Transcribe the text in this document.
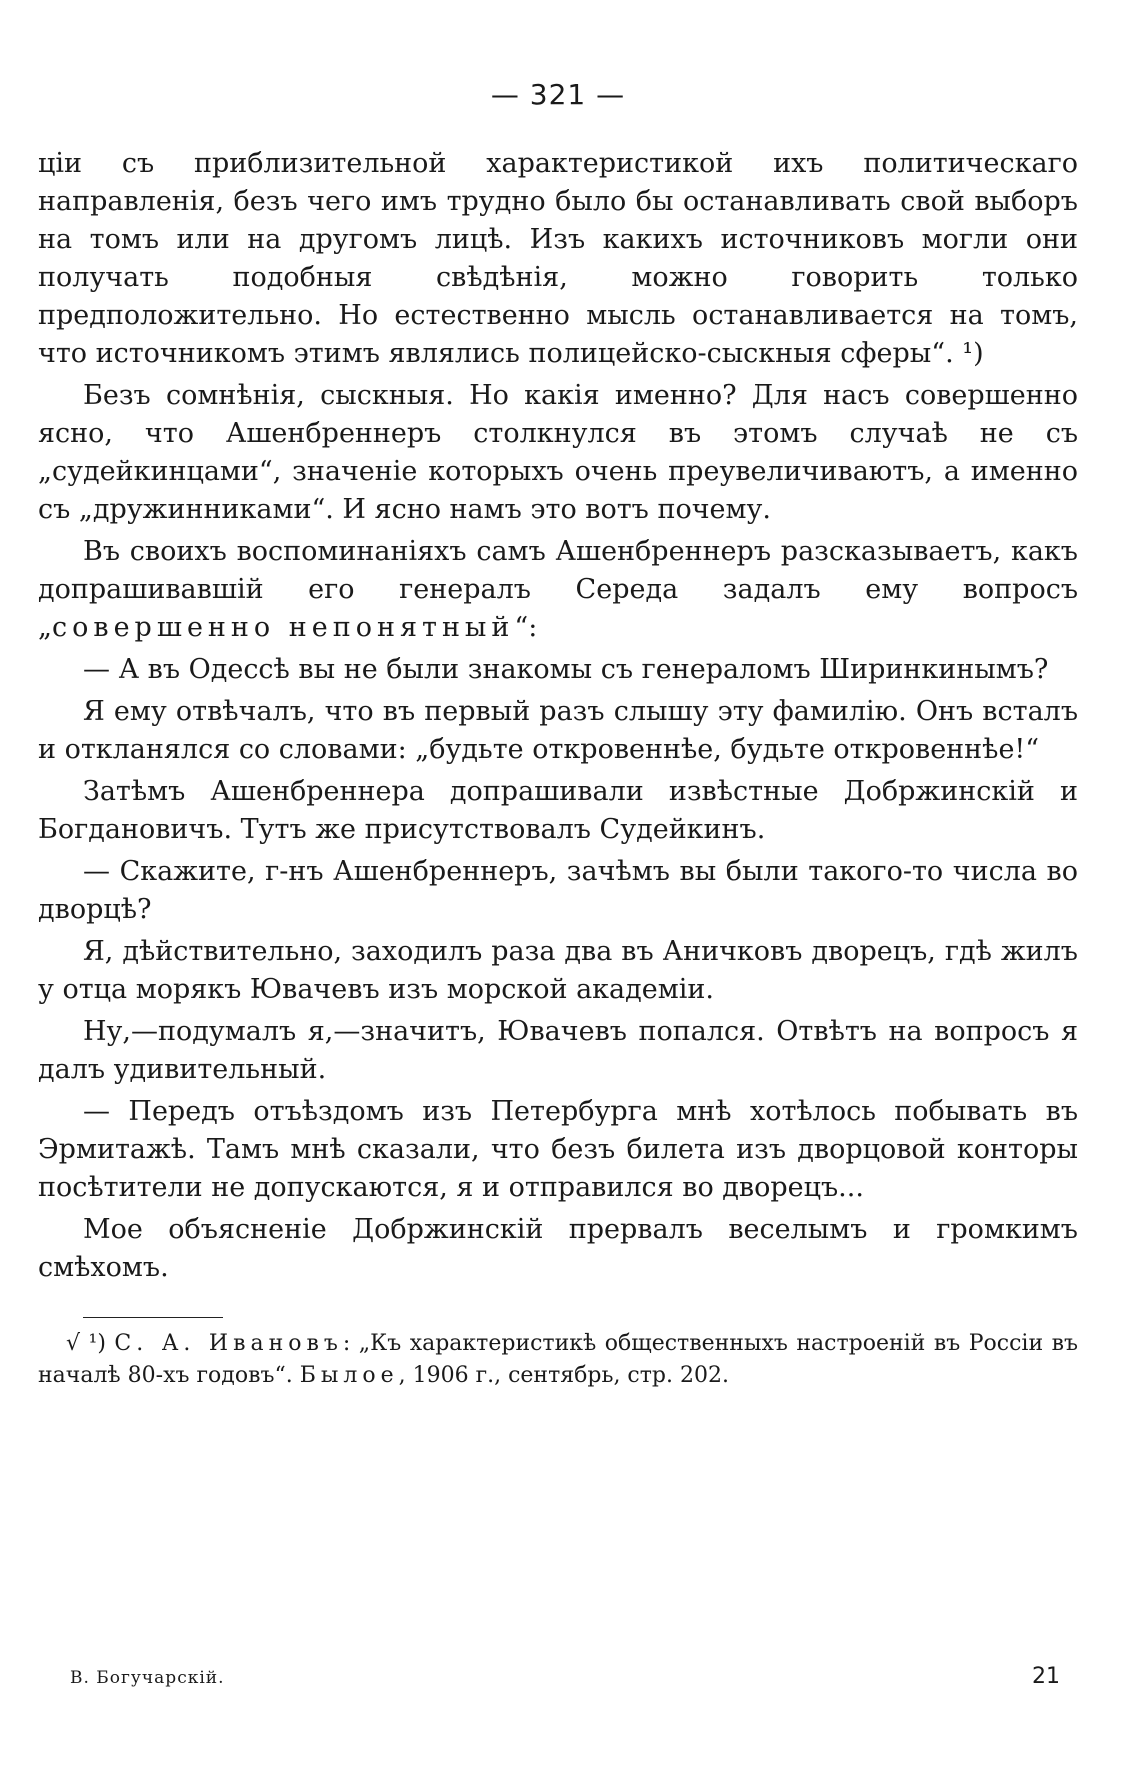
— 321 —

ціи съ приблизительной характеристикой ихъ политическаго направленія, безъ чего имъ трудно было бы останавливать свой выборъ на томъ или на другомъ лицѣ. Изъ какихъ источниковъ могли они получать подобныя свѣдѣнія, можно говорить только предположительно. Но естественно мысль останавливается на томъ, что источникомъ этимъ являлись полицейско-сыскныя сферы“. ¹)

Безъ сомнѣнія, сыскныя. Но какія именно? Для насъ совершенно ясно, что Ашенбреннеръ столкнулся въ этомъ случаѣ не съ „судейкинцами“, значеніе которыхъ очень преувеличиваютъ, а именно съ „дружинниками“. И ясно намъ это вотъ почему.

Въ своихъ воспоминаніяхъ самъ Ашенбреннеръ разсказываетъ, какъ допрашивавшій его генералъ Середа задалъ ему вопросъ „совершенно непонятный“:

— А въ Одессѣ вы не были знакомы съ генераломъ Ширинкинымъ?

Я ему отвѣчалъ, что въ первый разъ слышу эту фамилію. Онъ всталъ и откланялся со словами: „будьте откровеннѣе, будьте откровеннѣе!“

Затѣмъ Ашенбреннера допрашивали извѣстные Добржинскій и Богдановичъ. Тутъ же присутствовалъ Судейкинъ.

— Скажите, г-нъ Ашенбреннеръ, зачѣмъ вы были такого-то числа во дворцѣ?

Я, дѣйствительно, заходилъ раза два въ Аничковъ дворецъ, гдѣ жилъ у отца морякъ Ювачевъ изъ морской академіи.

Ну,—подумалъ я,—значитъ, Ювачевъ попался. Отвѣтъ на вопросъ я далъ удивительный.

— Передъ отъѣздомъ изъ Петербурга мнѣ хотѣлось побывать въ Эрмитажѣ. Тамъ мнѣ сказали, что безъ билета изъ дворцовой конторы посѣтители не допускаются, я и отправился во дворецъ...

Мое объясненіе Добржинскій прервалъ веселымъ и громкимъ смѣхомъ.

√ ¹) С. А. Ивановъ: „Къ характеристикѣ общественныхъ настроеній въ Россіи въ началѣ 80-хъ годовъ“. Былое, 1906 г., сентябрь, стр. 202.

В. Богучарскій.	21
